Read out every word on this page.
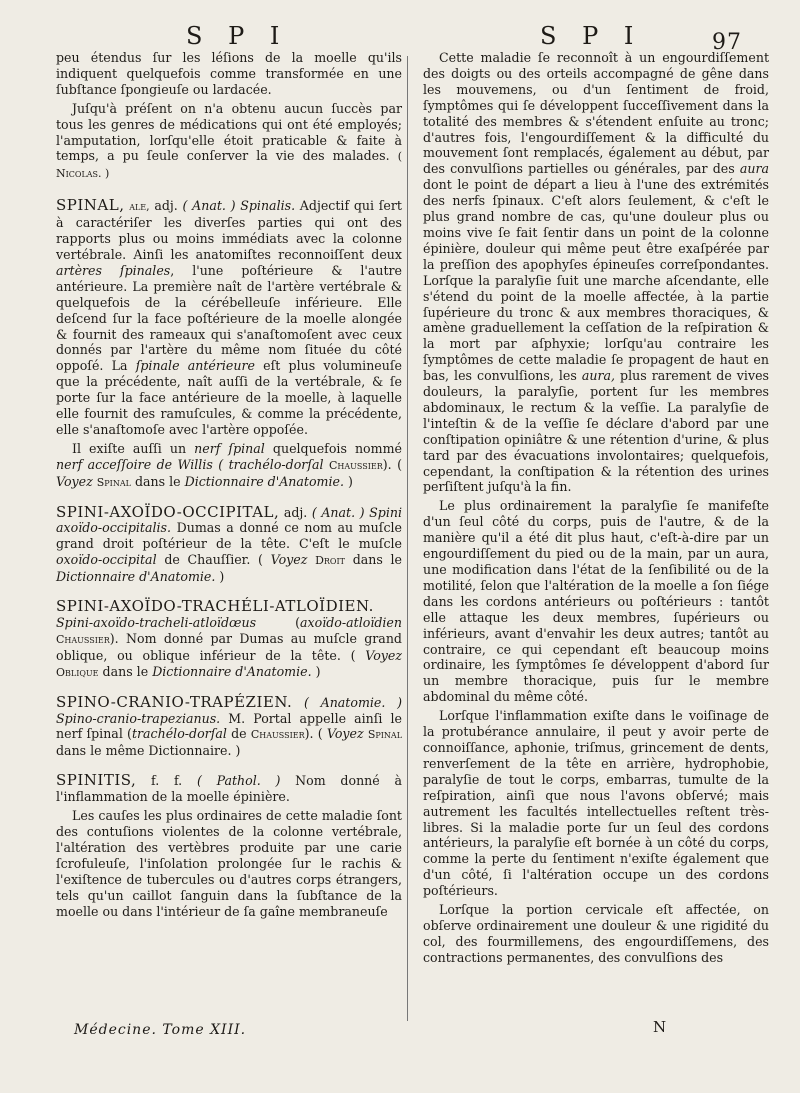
S P I	S P I	97

peu étendus ſur les léſions de la moelle qu'ils indiquent quelquefois comme transformée en une ſubſtance ſpongieuſe ou lardacée.

Juſqu'à préſent on n'a obtenu aucun ſuccès par tous les genres de médications qui ont été employés; l'amputation, lorſqu'elle étoit praticable & faite à temps, a pu ſeule conſerver la vie des malades. ( Nicolas. )

SPINAL, ale, adj. ( Anat. ) Spinalis. Adjectif qui ſert à caractériſer les diverſes parties qui ont des rapports plus ou moins immédiats avec la colonne vertébrale. Ainſi les anatomiſtes reconnoiſſent deux artères ſpinales, l'une poſtérieure & l'autre antérieure. La première naît de l'artère vertébrale & quelquefois de la cérébelleuſe inférieure. Elle deſcend ſur la face poſtérieure de la moelle alongée & fournit des rameaux qui s'anaſtomoſent avec ceux donnés par l'artère du même nom ſituée du côté oppoſé. La ſpinale antérieure eſt plus volumineuſe que la précédente, naît auſſi de la vertébrale, & ſe porte ſur la face antérieure de la moelle, à laquelle elle fournit des ramuſcules, & comme la précédente, elle s'anaſtomoſe avec l'artère oppoſée.

Il exiſte auſſi un nerf ſpinal quelquefois nommé nerf acceſſoire de Willis ( trachélo-dorſal Chaussier). ( Voyez Spinal dans le Dictionnaire d'Anatomie. )

SPINI-AXOÏDO-OCCIPITAL, adj. ( Anat. ) Spini axoïdo-occipitalis. Dumas a donné ce nom au muſcle grand droit poſtérieur de la tête. C'eſt le muſcle oxoïdo-occipital de Chauſſier. ( Voyez Droit dans le Dictionnaire d'Anatomie. )

SPINI-AXOÏDO-TRACHÉLI-ATLOÏDIEN. Spini-axoïdo-tracheli-atloïdœus	(axoïdo-atloïdien Chaussier). Nom donné par Dumas au muſcle grand oblique, ou oblique inférieur de la tête. ( Voyez Oblique dans le Dictionnaire d'Anatomie. )

SPINO-CRANIO-TRAPÉZIEN. ( Anatomie. ) Spino-cranio-trapezianus. M. Portal appelle ainſi le nerf ſpinal (trachélo-dorſal de Chaussier). ( Voyez Spinal dans le même Dictionnaire. )

SPINITIS, f. f. ( Pathol. ) Nom donné à l'inflammation de la moelle épinière.

Les cauſes les plus ordinaires de cette maladie ſont des contuſions violentes de la colonne vertébrale, l'altération des vertèbres produite par une carie ſcrofuleuſe, l'inſolation prolongée ſur le rachis & l'exiſtence de tubercules ou d'autres corps étrangers, tels qu'un caillot ſanguin dans la ſubſtance de la moelle ou dans l'intérieur de ſa gaîne membraneuſe

Cette maladie ſe reconnoît à un engourdiſſement des doigts ou des orteils accompagné de gêne dans les mouvemens, ou d'un ſentiment de froid, ſymptômes qui ſe développent ſucceſſivement dans la totalité des membres & s'étendent enſuite au tronc; d'autres fois, l'engourdiſſement & la difficulté du mouvement ſont remplacés, également au début, par des convulſions partielles ou générales, par des aura dont le point de départ a lieu à l'une des extrémités des nerfs ſpinaux. C'eſt alors ſeulement, & c'eſt le plus grand nombre de cas, qu'une douleur plus ou moins vive ſe fait ſentir dans un point de la colonne épinière, douleur qui même peut être exaſpérée par la preſſion des apophyſes épineuſes correſpondantes. Lorſque la paralyſie ſuit une marche aſcendante, elle s'étend du point de la moelle affectée, à la partie ſupérieure du tronc & aux membres thoraciques, & amène graduellement la ceſſation de la reſpiration & la mort par aſphyxie; lorſqu'au contraire les ſymptômes de cette maladie ſe propagent de haut en bas, les convulſions, les aura, plus rarement de vives douleurs, la paralyſie, portent ſur les membres abdominaux, le rectum & la veſſie. La paralyſie de l'inteſtin & de la veſſie ſe déclare d'abord par une conſtipation opiniâtre & une rétention d'urine, & plus tard par des évacuations involontaires; quelquefois, cependant, la conſtipation & la rétention des urines perſiſtent juſqu'à la fin.

Le plus ordinairement la paralyſie ſe manifeſte d'un ſeul côté du corps, puis de l'autre, & de la manière qu'il a été dit plus haut, c'eſt-à-dire par un engourdiſſement du pied ou de la main, par un aura, une modification dans l'état de la ſenſibilité ou de la motilité, ſelon que l'altération de la moelle a ſon ſiége dans les cordons antérieurs ou poſtérieurs : tantôt elle attaque les deux membres, ſupérieurs ou inférieurs, avant d'envahir les deux autres; tantôt au contraire, ce qui cependant eſt beaucoup moins ordinaire, les ſymptômes ſe développent d'abord ſur un membre thoracique, puis ſur le membre abdominal du même côté.

Lorſque l'inflammation exiſte dans le voiſinage de la protubérance annulaire, il peut y avoir perte de connoiſſance, aphonie, triſmus, grincement de dents, renverſement de la tête en arrière, hydrophobie, paralyſie de tout le corps, embarras, tumulte de la reſpiration, ainſi que nous l'avons obſervé; mais autrement les facultés intellectuelles reſtent très-libres. Si la maladie porte ſur un ſeul des cordons antérieurs, la paralyſie eſt bornée à un côté du corps, comme la perte du ſentiment n'exiſte également que d'un côté, ſi l'altération occupe un des cordons poſtérieurs.

Lorſque la portion cervicale eſt affectée, on obſerve ordinairement une douleur & une rigidité du col, des fourmillemens, des engourdiſſemens, des contractions permanentes, des convulſions des

Médecine. Tome XIII.	N
